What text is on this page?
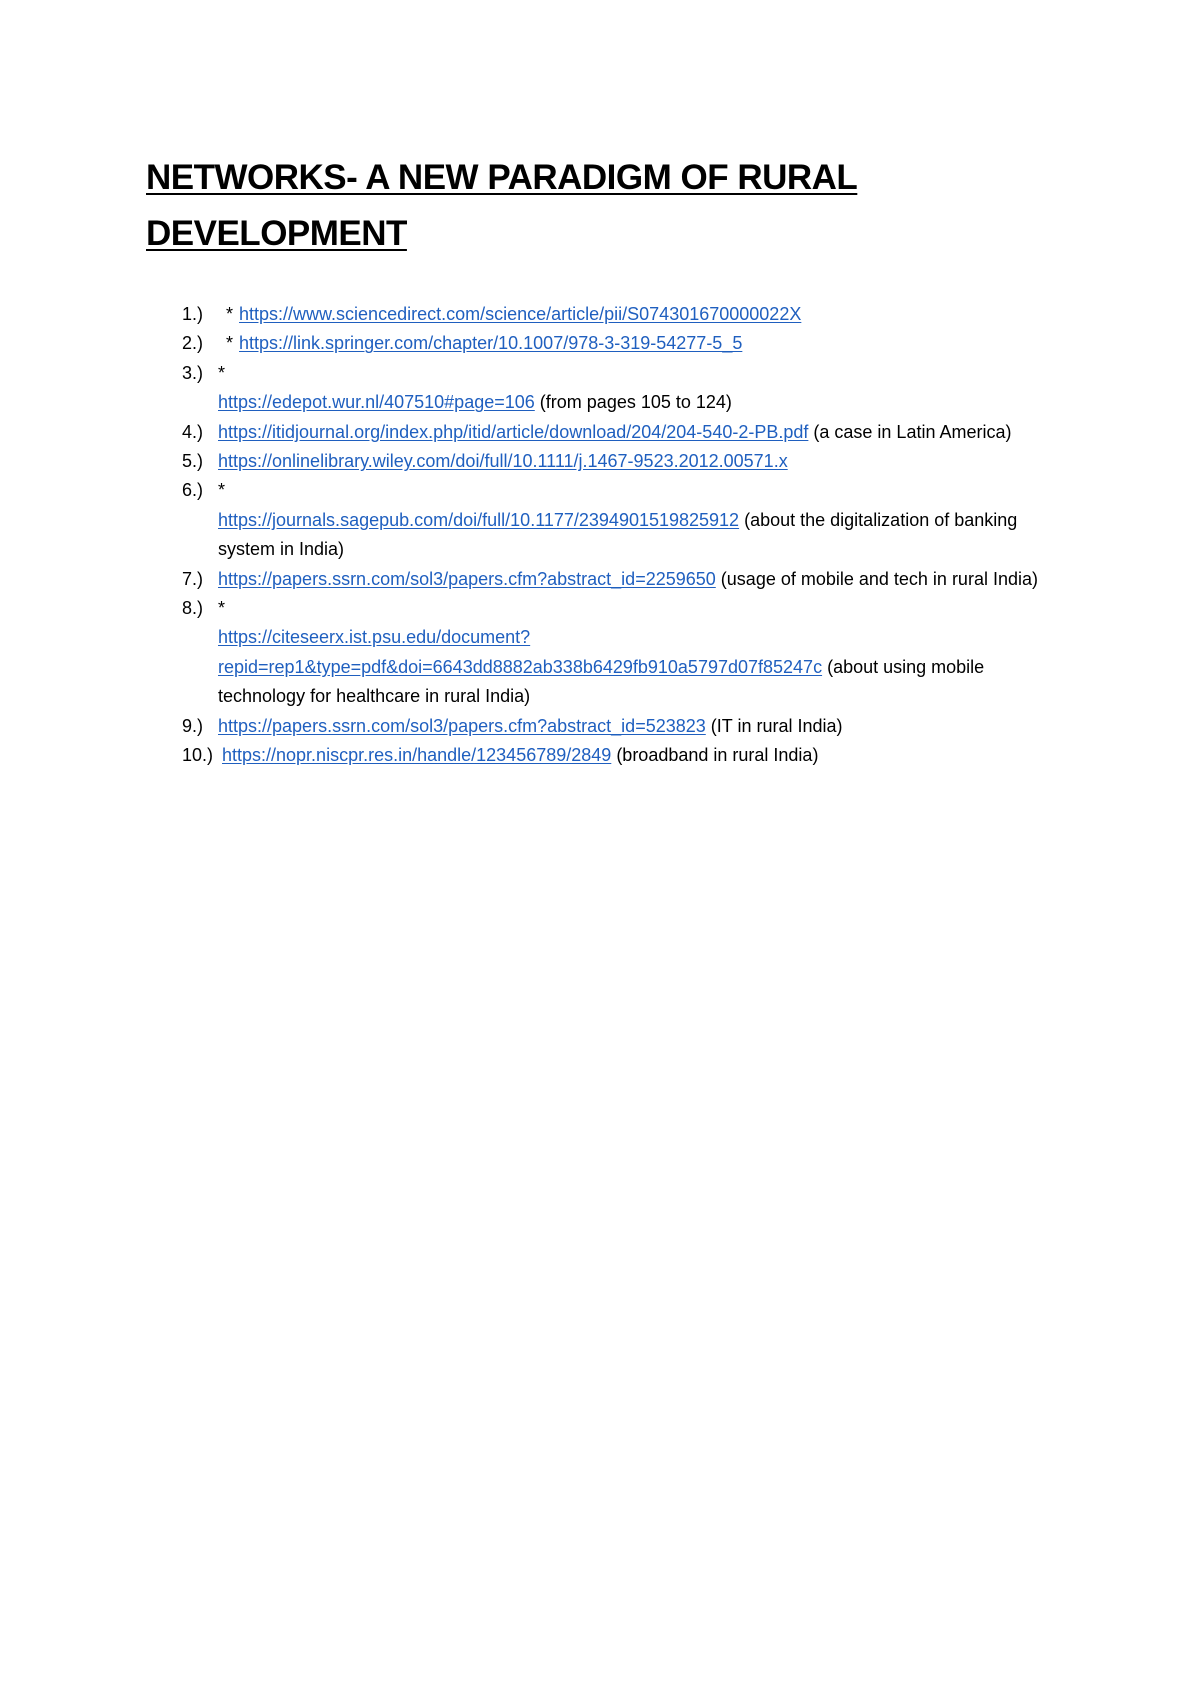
NETWORKS- A NEW PARADIGM OF RURAL DEVELOPMENT
1.) * https://www.sciencedirect.com/science/article/pii/S074301670000022X
2.) * https://link.springer.com/chapter/10.1007/978-3-319-54277-5_5
3.) *
https://edepot.wur.nl/407510#page=106 (from pages 105 to 124)
4.) https://itidjournal.org/index.php/itid/article/download/204/204-540-2-PB.pdf (a case in Latin America)
5.) https://onlinelibrary.wiley.com/doi/full/10.1111/j.1467-9523.2012.00571.x
6.) *
https://journals.sagepub.com/doi/full/10.1177/2394901519825912 (about the digitalization of banking system in India)
7.) https://papers.ssrn.com/sol3/papers.cfm?abstract_id=2259650 (usage of mobile and tech in rural India)
8.) *
https://citeseerx.ist.psu.edu/document?
repid=rep1&type=pdf&doi=6643dd8882ab338b6429fb910a5797d07f85247c (about using mobile technology for healthcare in rural India)
9.) https://papers.ssrn.com/sol3/papers.cfm?abstract_id=523823 (IT in rural India)
10.) https://nopr.niscpr.res.in/handle/123456789/2849 (broadband in rural India)
